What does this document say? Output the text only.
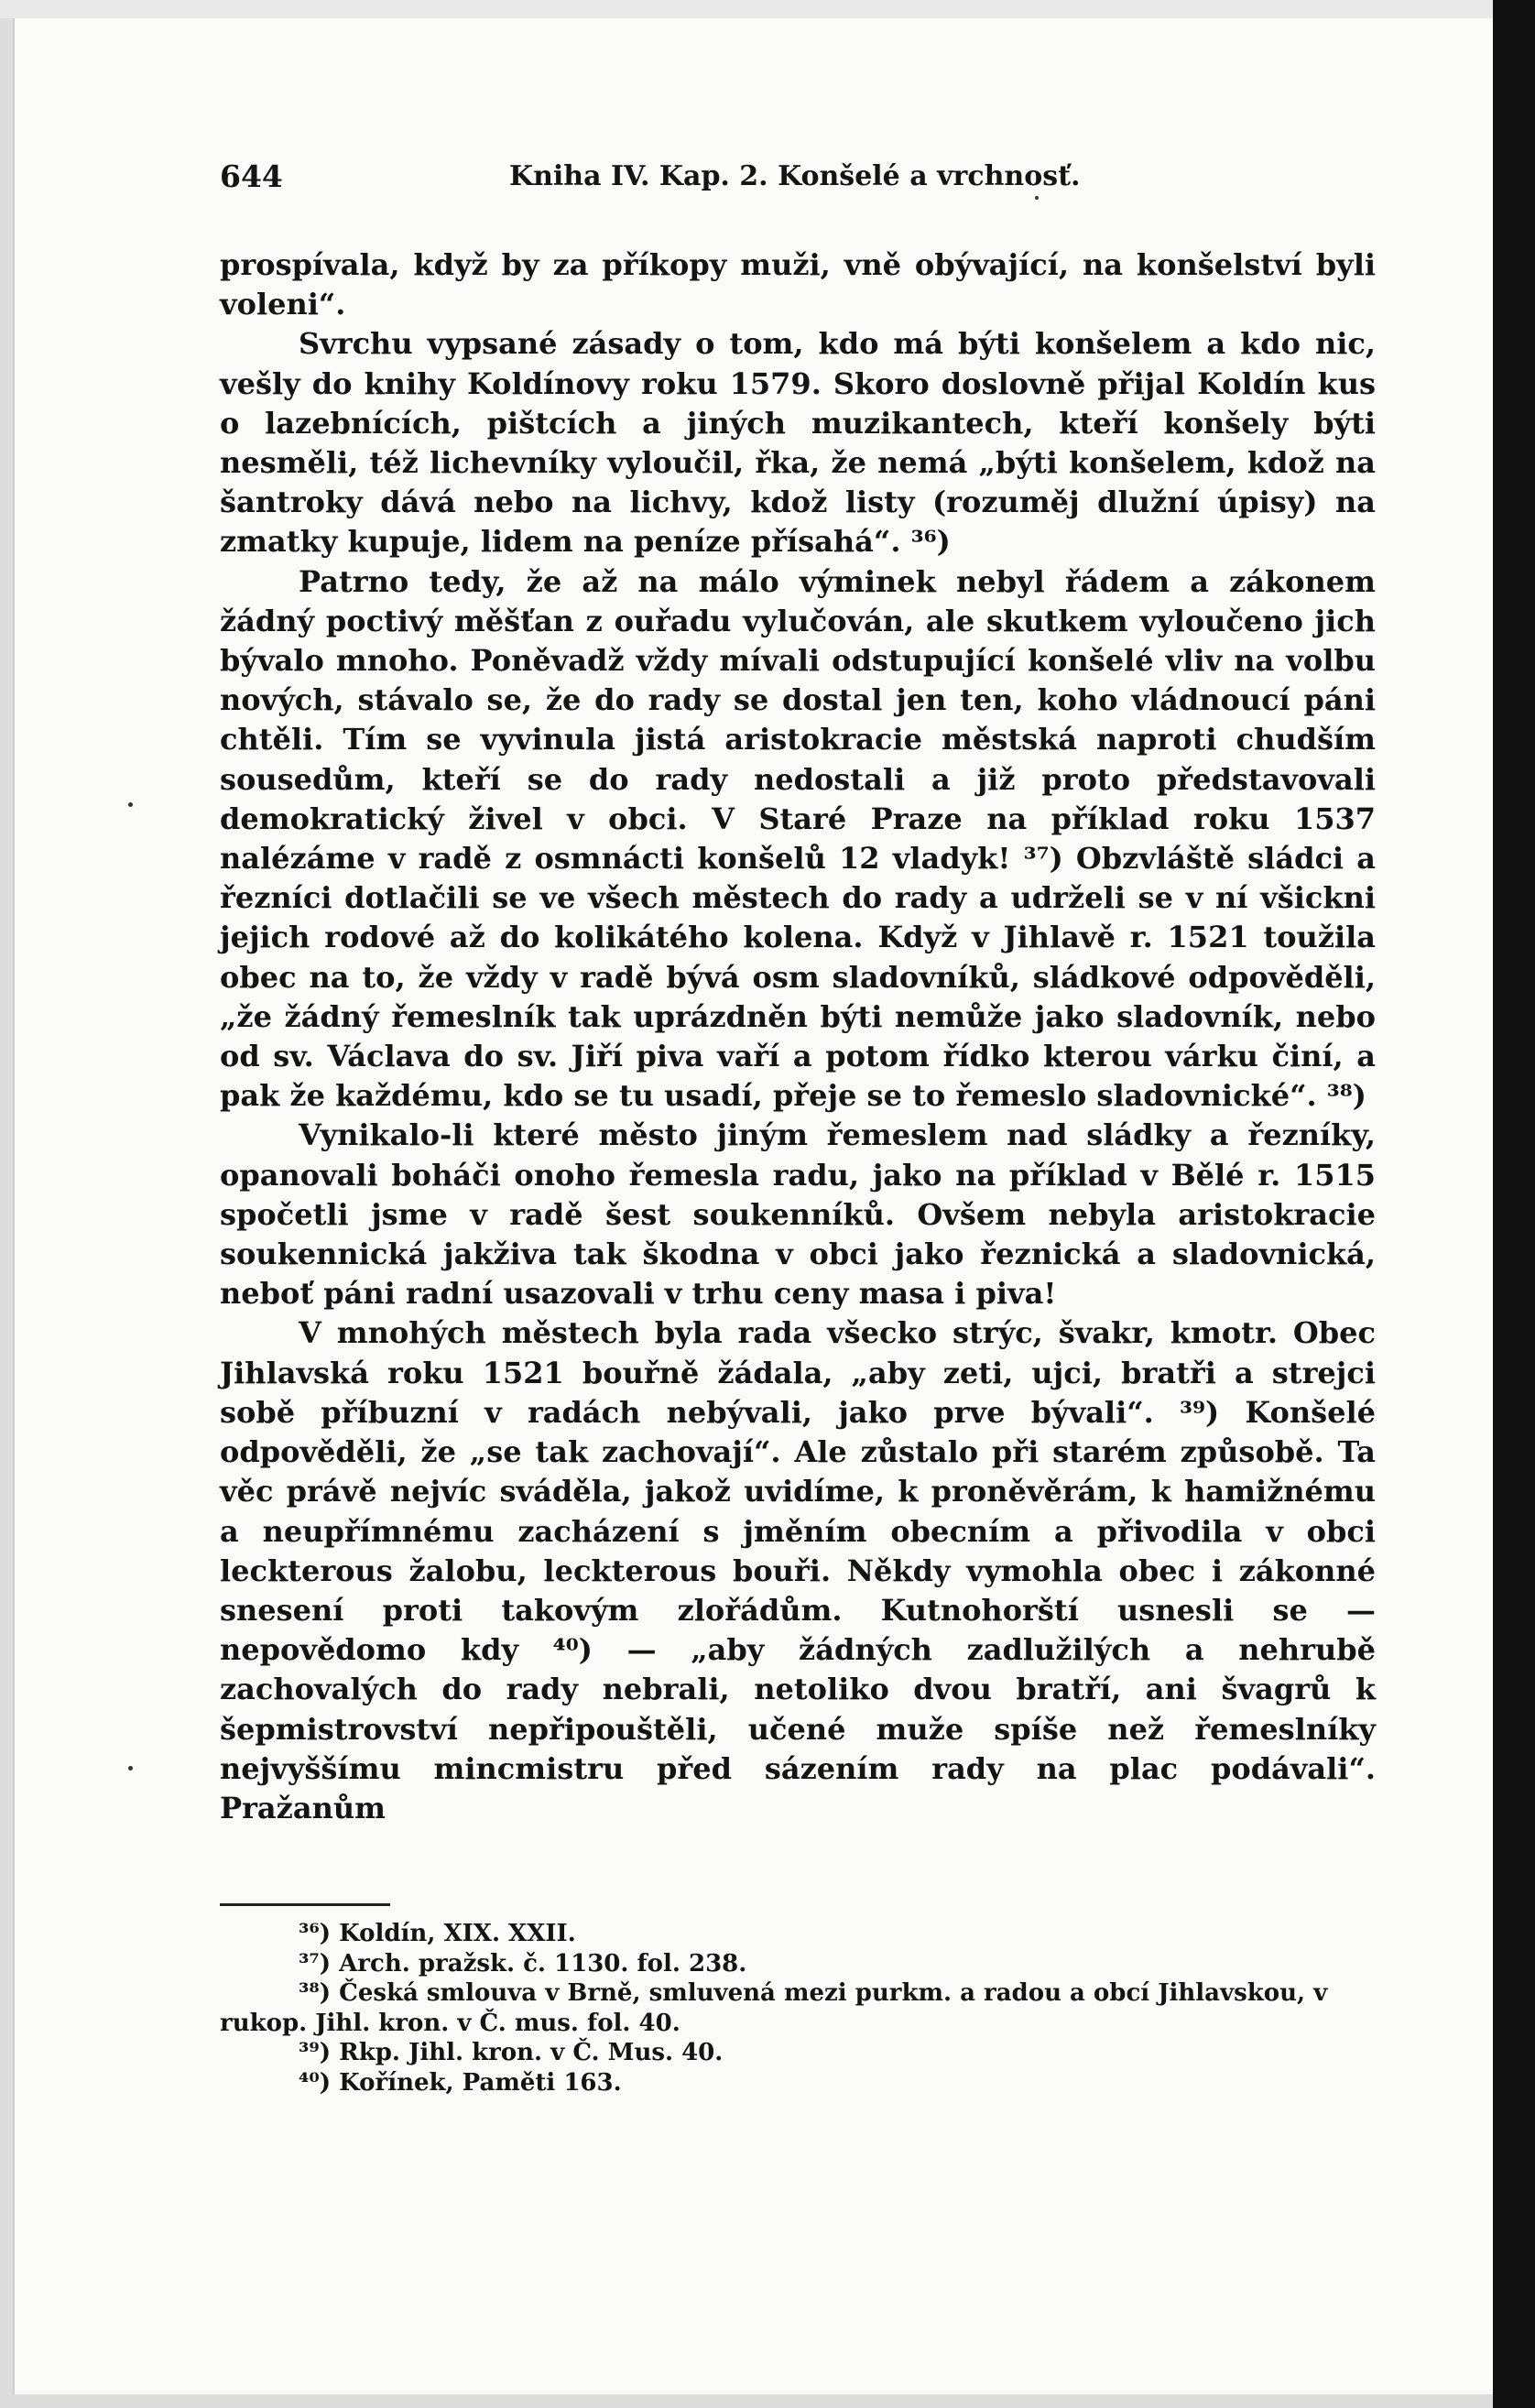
644	Kniha IV. Kap. 2. Konšelé a vrchnosť.

prospívala, když by za příkopy muži, vně obývající, na konšelství byli voleni“.

Svrchu vypsané zásady o tom, kdo má býti konšelem a kdo nic, vešly do knihy Koldínovy roku 1579. Skoro doslovně přijal Koldín kus o lazebnících, pištcích a jiných muzikantech, kteří konšely býti nesměli, též lichevníky vyloučil, řka, že nemá „býti konšelem, kdož na šantroky dává nebo na lichvy, kdož listy (rozuměj dlužní úpisy) na zmatky kupuje, lidem na peníze přísahá“. ³⁶)

Patrno tedy, že až na málo výminek nebyl řádem a zákonem žádný poctivý měšťan z ouřadu vylučován, ale skutkem vyloučeno jich bývalo mnoho. Poněvadž vždy mívali odstupující konšelé vliv na volbu nových, stávalo se, že do rady se dostal jen ten, koho vládnoucí páni chtěli. Tím se vyvinula jistá aristokracie městská naproti chudším sousedům, kteří se do rady nedostali a již proto představovali demokratický živel v obci. V Staré Praze na příklad roku 1537 nalézáme v radě z osmnácti konšelů 12 vladyk! ³⁷) Obzvláště sládci a řezníci dotlačili se ve všech městech do rady a udrželi se v ní všickni jejich rodové až do kolikátého kolena. Když v Jihlavě r. 1521 toužila obec na to, že vždy v radě bývá osm sladovníků, sládkové odpověděli, „že žádný řemeslník tak uprázdněn býti nemůže jako sladovník, nebo od sv. Václava do sv. Jiří piva vaří a potom řídko kterou várku činí, a pak že každému, kdo se tu usadí, přeje se to řemeslo sladovnické“. ³⁸)

Vynikalo-li které město jiným řemeslem nad sládky a řezníky, opanovali boháči onoho řemesla radu, jako na příklad v Bělé r. 1515 spočetli jsme v radě šest soukenníků. Ovšem nebyla aristokracie soukennická jakživa tak škodna v obci jako řeznická a sladovnická, neboť páni radní usazovali v trhu ceny masa i piva!

V mnohých městech byla rada všecko strýc, švakr, kmotr. Obec Jihlavská roku 1521 bouřně žádala, „aby zeti, ujci, bratři a strejci sobě příbuzní v radách nebývali, jako prve bývali“. ³⁹) Konšelé odpověděli, že „se tak zachovají“. Ale zůstalo při starém způsobě. Ta věc právě nejvíc sváděla, jakož uvidíme, k proněvěrám, k hamižnému a neupřímnému zacházení s jměním obecním a přivodila v obci leckterous žalobu, leckterous bouři. Někdy vymohla obec i zákonné snesení proti takovým zlořádům. Kutnohorští usnesli se — nepovědomo kdy ⁴⁰) — „aby žádných zadlužilých a nehrubě zachovalých do rady nebrali, netoliko dvou bratří, ani švagrů k šepmistrovství nepřipouštěli, učené muže spíše než řemeslníky nejvyššímu mincmistru před sázením rady na plac podávali“. Pražanům

³⁶) Koldín, XIX. XXII.

³⁷) Arch. pražsk. č. 1130. fol. 238.

³⁸) Česká smlouva v Brně, smluvená mezi purkm. a radou a obcí Jihlavskou, v rukop. Jihl. kron. v Č. mus. fol. 40.

³⁹) Rkp. Jihl. kron. v Č. Mus. 40.

⁴⁰) Kořínek, Paměti 163.
